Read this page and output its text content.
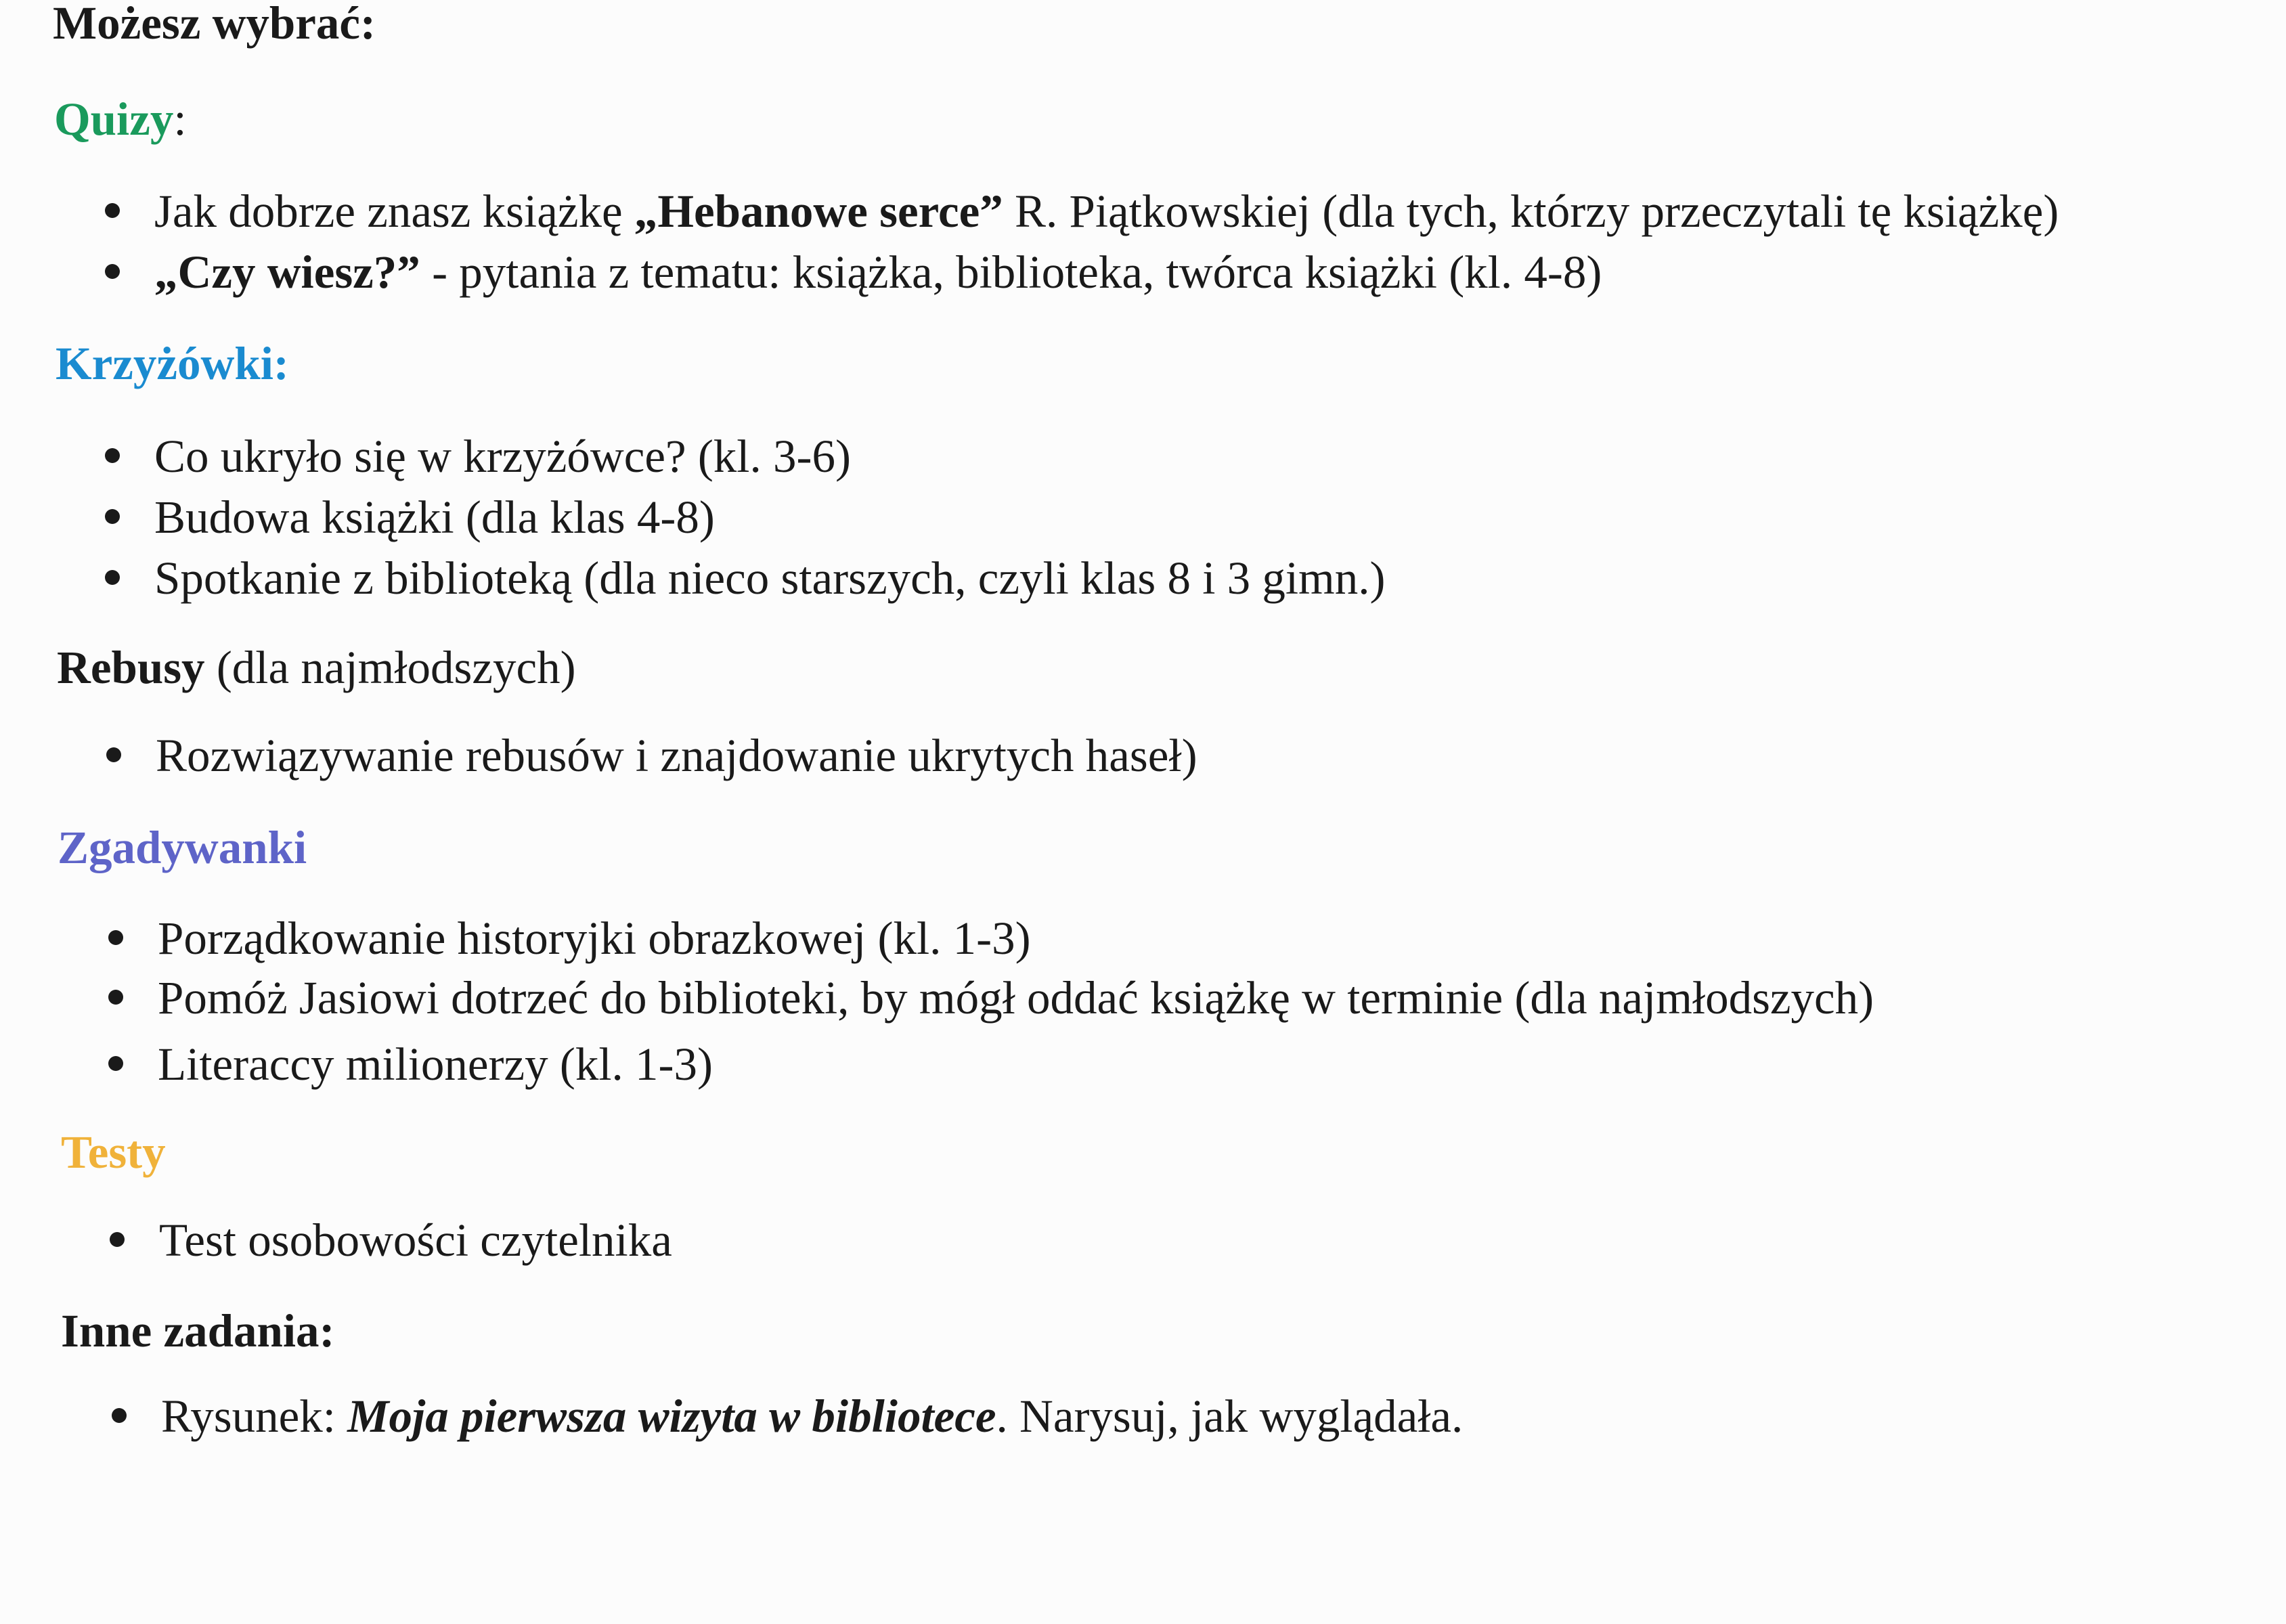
Możesz wybrać:
Quizy:
Jak dobrze znasz książkę „Hebanowe serce” R. Piątkowskiej (dla tych, którzy przeczytali tę książkę)
„Czy wiesz?” - pytania z tematu: książka, biblioteka, twórca książki (kl. 4-8)
Krzyżówki:
Co ukryło się w krzyżówce? (kl. 3-6)
Budowa książki (dla klas 4-8)
Spotkanie z biblioteką (dla nieco starszych, czyli klas 8 i 3 gimn.)
Rebusy (dla najmłodszych)
Rozwiązywanie rebusów i znajdowanie ukrytych haseł)
Zgadywanki
Porządkowanie historyjki obrazkowej (kl. 1-3)
Pomóż Jasiowi dotrzeć do biblioteki, by mógł oddać książkę w terminie (dla najmłodszych)
Literaccy milionerzy (kl. 1-3)
Testy
Test osobowości czytelnika
Inne zadania:
Rysunek: Moja pierwsza wizyta w bibliotece. Narysuj, jak wyglądała.
